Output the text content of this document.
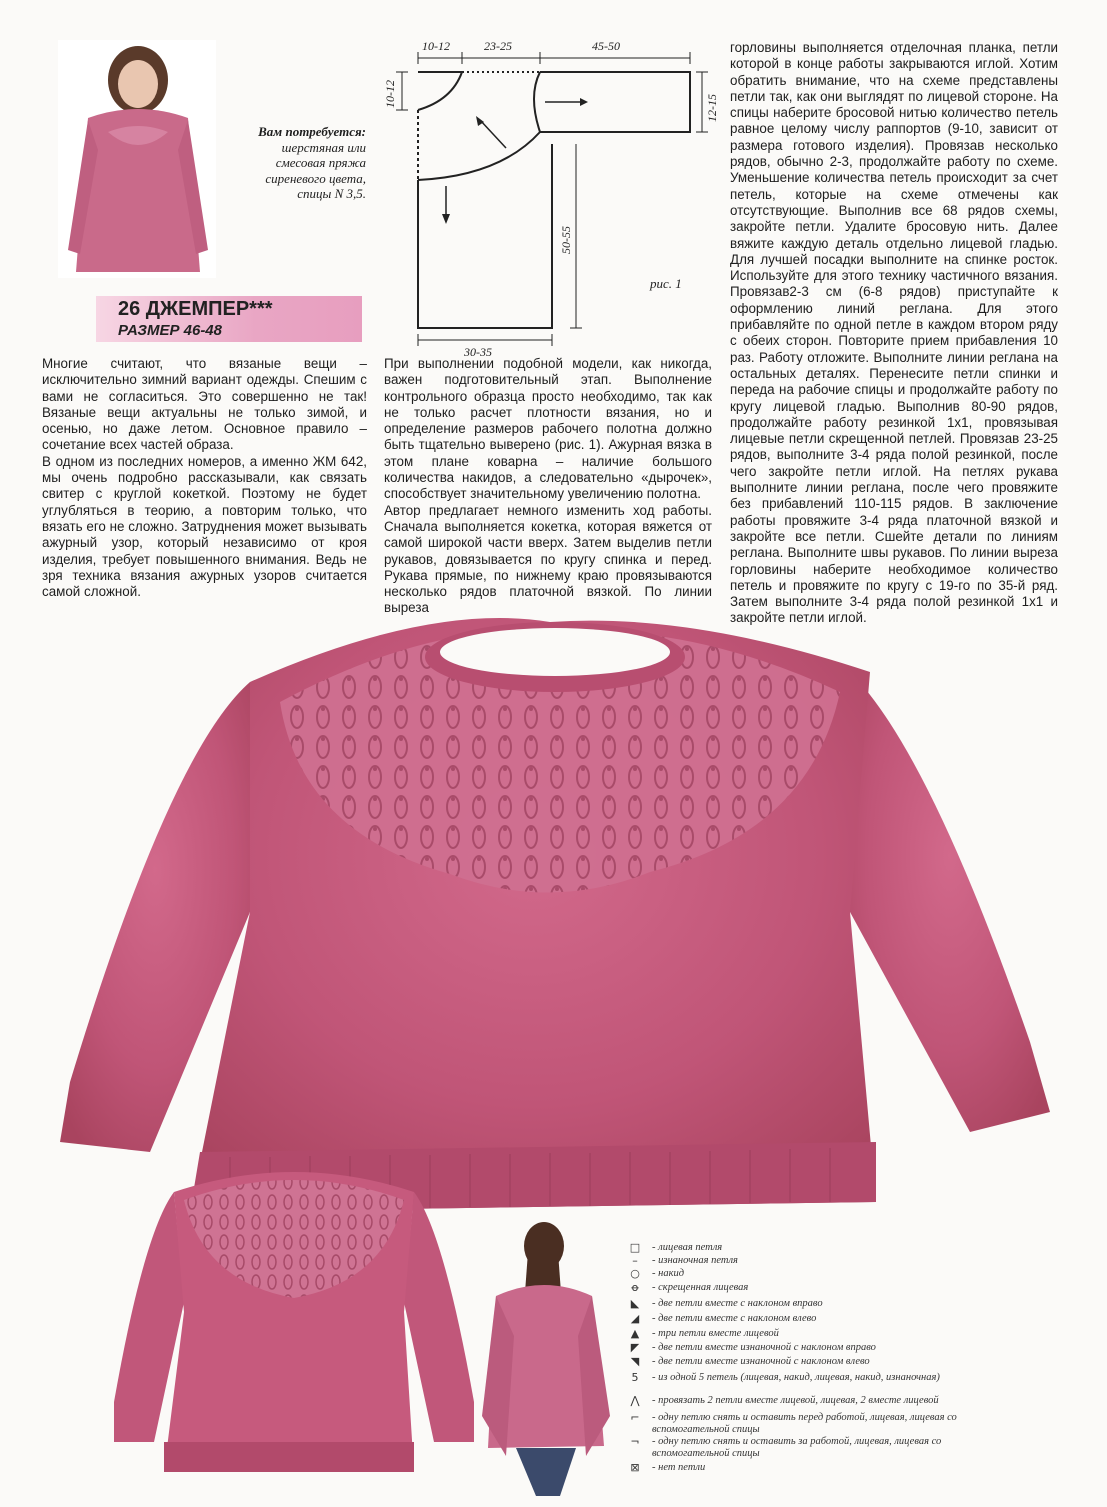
Вам потребуется:
шерстяная или
смесовая пряжа
сиреневого цвета,
спицы N 3,5.
26 ДЖЕМПЕР***
РАЗМЕР 46-48
10-12	23-25	45-50
10-12	12-15
50-55
30-35
рис. 1

Многие считают, что вязаные вещи – исключительно зимний вариант одежды. Спешим с вами не согласиться. Это совершенно не так! Вязаные вещи актуальны не только зимой, и осенью, но даже летом. Основное правило – сочетание всех частей образа.

В одном из последних номеров, а именно ЖМ 642, мы очень подробно рассказывали, как связать свитер с круглой кокеткой. Поэтому не будет углубляться в теорию, а повторим только, что вязать его не сложно. Затруднения может вызывать ажурный узор, который независимо от кроя изделия, требует повышенного внимания. Ведь не зря техника вязания ажурных узоров считается самой сложной.

При выполнении подобной модели, как никогда, важен подготовительный этап. Выполнение контрольного образца просто необходимо, так как не только расчет плотности вязания, но и определение размеров рабочего полотна должно быть тщательно выверено (рис. 1). Ажурная вязка в этом плане коварна – наличие большого количества накидов, а следовательно «дырочек», способствует значительному увеличению полотна.

Автор предлагает немного изменить ход работы. Сначала выполняется кокетка, которая вяжется от самой широкой части вверх. Затем выделив петли рукавов, довязывается по кругу спинка и перед. Рукава прямые, по нижнему краю провязываются несколько рядов платочной вязкой. По линии выреза

горловины выполняется отделочная планка, петли которой в конце работы закрываются иглой. Хотим обратить внимание, что на схеме представлены петли так, как они выглядят по лицевой стороне. На спицы наберите бросовой нитью количество петель равное целому числу раппортов (9-10, зависит от размера готового изделия). Провязав несколько рядов, обычно 2-3, продолжайте работу по схеме. Уменьшение количества петель происходит за счет петель, которые на схеме отмечены как отсутствующие. Выполнив все 68 рядов схемы, закройте петли. Удалите бросовую нить. Далее вяжите каждую деталь отдельно лицевой гладью. Для лучшей посадки выполните на спинке росток. Используйте для этого технику частичного вязания. Провязав2-3 см (6-8 рядов) приступайте к оформлению линий реглана. Для этого прибавляйте по одной петле в каждом втором ряду с обеих сторон. Повторите прием прибавления 10 раз. Работу отложите. Выполните линии реглана на остальных деталях. Перенесите петли спинки и переда на рабочие спицы и продолжайте работу по кругу лицевой гладью. Выполнив 80-90 рядов, продолжайте работу резинкой 1х1, провязывая лицевые петли скрещенной петлей. Провязав 23-25 рядов, выполните 3-4 ряда полой резинкой, после чего закройте петли иглой. На петлях рукава выполните линии реглана, после чего провяжите без прибавлений 110-115 рядов. В заключение работы провяжите 3-4 ряда платочной вязкой и закройте все петли. Сшейте детали по линиям реглана. Выполните швы рукавов. По линии выреза горловины наберите необходимое количество петель и провяжите по кругу с 19-го по 35-й ряд. Затем выполните 3-4 ряда полой резинкой 1х1 и закройте петли иглой.

□ - лицевая петля
–	- изнаночная петля
○ - накид
ꝋ - скрещенная лицевая
◣ - две петли вместе с наклоном вправо
◢ - две петли вместе с наклоном влево
▲ - три петли вместе лицевой
◤ - две петли вместе изнаночной с наклоном вправо
◥ - две петли вместе изнаночной с наклоном влево
5	- из одной 5 петель (лицевая, накид, лицевая, накид, изнаночная)
⋀ - провязать 2 петли вместе лицевой, лицевая, 2 вместе лицевой
⌐ - одну петлю снять и оставить перед работой, лицевая, лицевая со вспомогательной спицы
¬ - одну петлю снять и оставить за работой, лицевая, лицевая со вспомогательной спицы
⊠ - нет петли
